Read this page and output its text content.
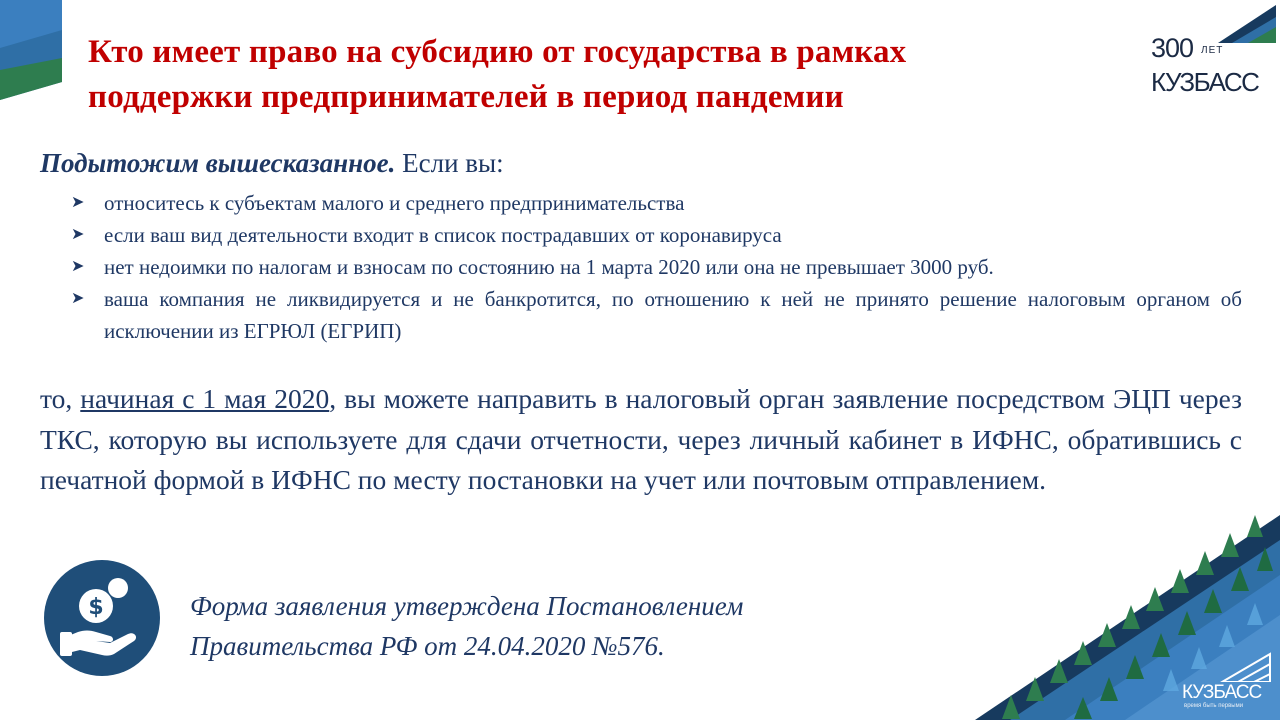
Кто имеет право на субсидию от государства в рамках
поддержки предпринимателей в период пандемии
300 ЛЕТ
КУЗБАСС

Подытожим вышесказанное. Если вы:

➤ относитесь к субъектам малого и среднего предпринимательства
➤ если ваш вид деятельности входит в список пострадавших от коронавируса
➤ нет недоимки по налогам и взносам по состоянию на 1 марта 2020 или она не превышает 3000 руб.
➤ ваша компания не ликвидируется и не банкротится, по отношению к ней не принято решение налоговым органом об исключении из ЕГРЮЛ (ЕГРИП)

то, начиная с 1 мая 2020, вы можете направить в налоговый орган заявление посредством ЭЦП через ТКС, которую вы используете для сдачи отчетности, через личный кабинет в ИФНС, обратившись с печатной формой в ИФНС по месту постановки на учет или почтовым отправлением.

$	Форма заявления утверждена Постановлением
Правительства РФ от 24.04.2020 №576.

КУЗБАСС
время быть первыми
